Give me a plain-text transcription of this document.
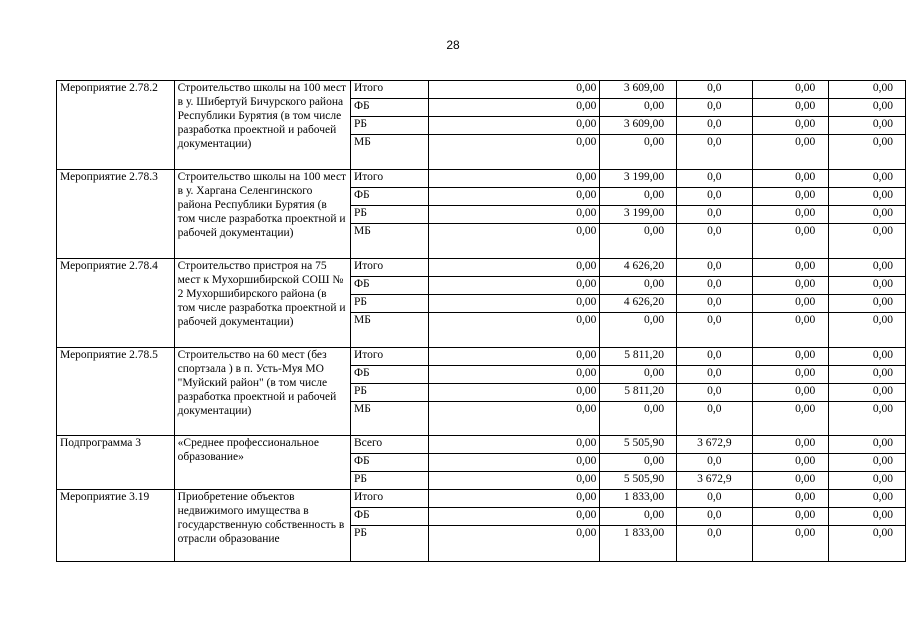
28
Мероприятие 2.78.2	Строительство школы на 100 мест в у. Шибертуй Бичурского района Республики Бурятия (в том числе разработка проектной и рабочей документации)	Итого	0,00	3 609,00	0,0	0,00	0,00
		ФБ	0,00	0,00	0,0	0,00	0,00
		РБ	0,00	3 609,00	0,0	0,00	0,00
		МБ	0,00	0,00	0,0	0,00	0,00
Мероприятие 2.78.3	Строительство школы на 100 мест в у. Харгана Селенгинского района Республики Бурятия (в том числе разработка проектной и рабочей документации)	Итого	0,00	3 199,00	0,0	0,00	0,00
		ФБ	0,00	0,00	0,0	0,00	0,00
		РБ	0,00	3 199,00	0,0	0,00	0,00
		МБ	0,00	0,00	0,0	0,00	0,00
Мероприятие 2.78.4	Строительство пристроя на 75 мест к Мухоршибирской СОШ № 2 Мухоршибирского района (в том числе разработка проектной и рабочей документации)	Итого	0,00	4 626,20	0,0	0,00	0,00
		ФБ	0,00	0,00	0,0	0,00	0,00
		РБ	0,00	4 626,20	0,0	0,00	0,00
		МБ	0,00	0,00	0,0	0,00	0,00
Мероприятие 2.78.5	Строительство на 60 мест (без спортзала ) в п. Усть-Муя МО "Муйский район" (в том числе разработка проектной и рабочей документации)	Итого	0,00	5 811,20	0,0	0,00	0,00
		ФБ	0,00	0,00	0,0	0,00	0,00
		РБ	0,00	5 811,20	0,0	0,00	0,00
		МБ	0,00	0,00	0,0	0,00	0,00
Подпрограмма 3	«Среднее профессиональное образование»	Всего	0,00	5 505,90	3 672,9	0,00	0,00
		ФБ	0,00	0,00	0,0	0,00	0,00
		РБ	0,00	5 505,90	3 672,9	0,00	0,00
Мероприятие 3.19	Приобретение объектов недвижимого имущества в государственную собственность в отрасли образование	Итого	0,00	1 833,00	0,0	0,00	0,00
		ФБ	0,00	0,00	0,0	0,00	0,00
		РБ	0,00	1 833,00	0,0	0,00	0,00
